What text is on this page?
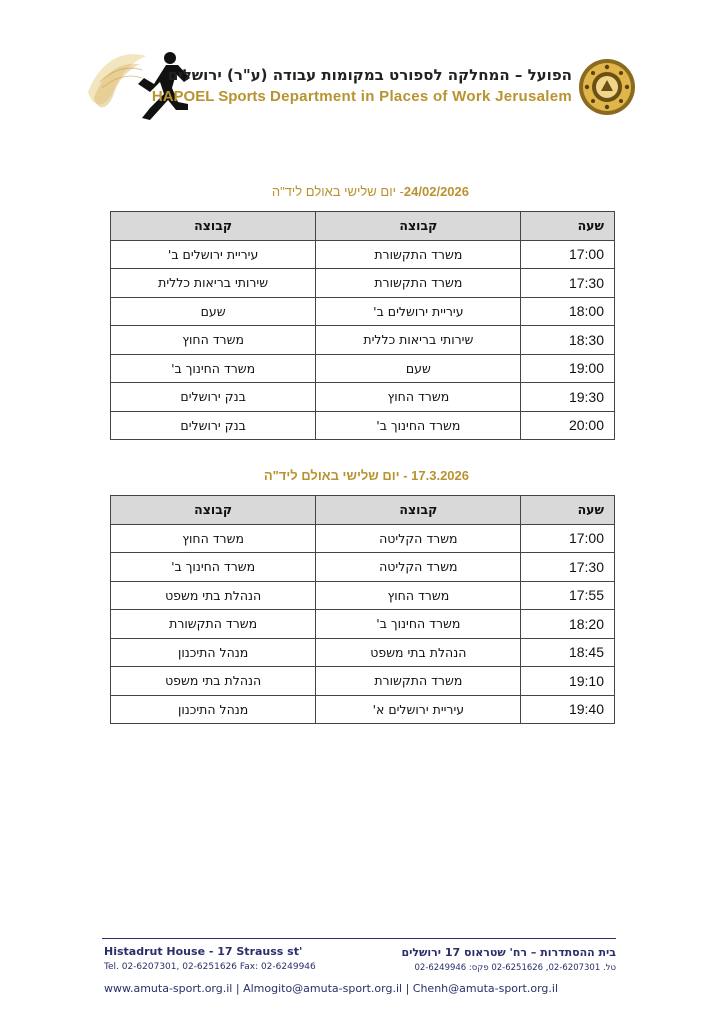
הפועל – המחלקה לספורט במקומות עבודה (ע"ר) ירושלים
HAPOEL Sports Department in Places of Work Jerusalem
24/02/2026- יום שלישי באולם ליד"ה
שעה	קבוצה	קבוצה
17:00	משרד התקשורת	עיריית ירושלים ב'
17:30	משרד התקשורת	שירותי בריאות כללית
18:00	עיריית ירושלים ב'	שעם
18:30	שירותי בריאות כללית	משרד החוץ
19:00	שעם	משרד החינוך ב'
19:30	משרד החוץ	בנק ירושלים
20:00	משרד החינוך ב'	בנק ירושלים
17.3.2026 - יום שלישי באולם ליד"ה
שעה	קבוצה	קבוצה
17:00	משרד הקליטה	משרד החוץ
17:30	משרד הקליטה	משרד החינוך ב'
17:55	משרד החוץ	הנהלת בתי משפט
18:20	משרד החינוך ב'	משרד התקשורת
18:45	הנהלת בתי משפט	מנהל התיכנון
19:10	משרד התקשורת	הנהלת בתי משפט
19:40	עיריית ירושלים א'	מנהל התיכנון
Histadrut House - 17 Strauss st'
Tel. 02-6207301, 02-6251626 Fax: 02-6249946
בית ההסתדרות – רח' שטראוס 17 ירושלים
טל. 02-6207301, 02-6251626 פקס: 02-6249946
www.amuta-sport.org.il | Almogito@amuta-sport.org.il | Chenh@amuta-sport.org.il
